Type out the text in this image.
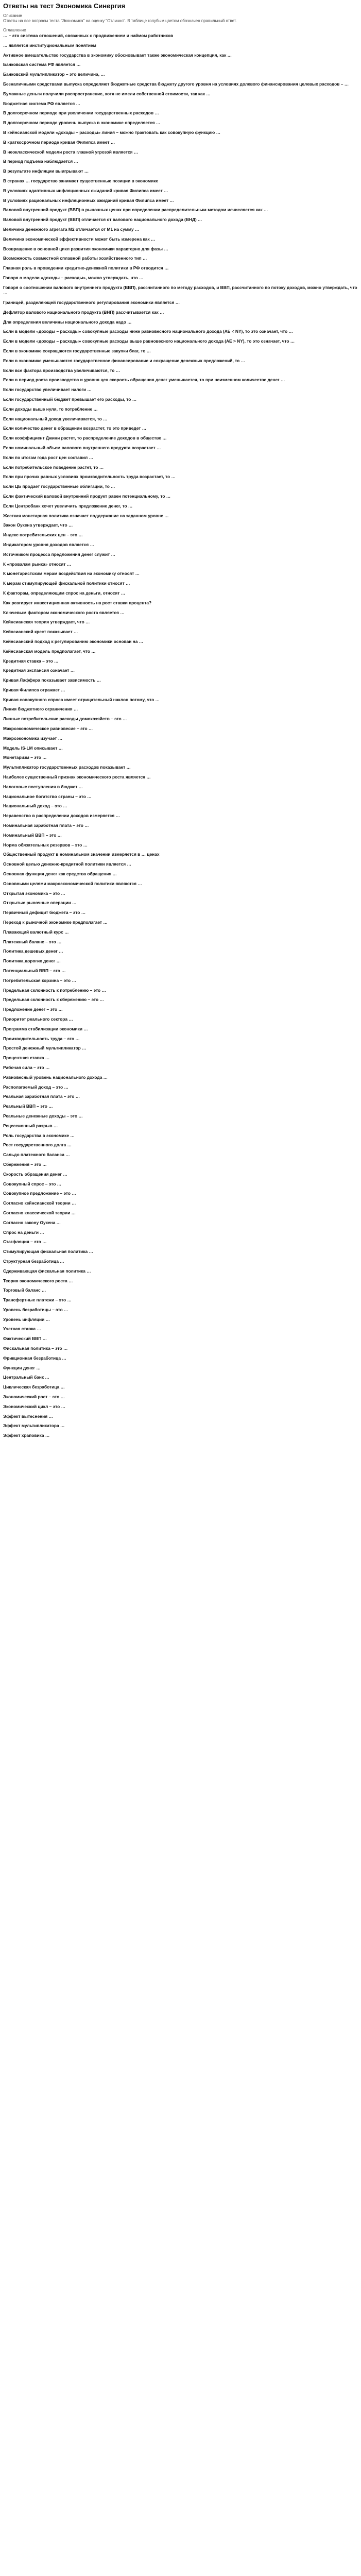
Ответы на тест Экономика Синергия
Описание
Ответы на все вопросы теста "Экономика" на оценку "Отлично". В таблице голубым цветом обозначен правильный ответ.
Оглавление
… – это система отношений, связанных с продвижением и наймом работников
… является институциональным понятием
Активное вмешательство государства в экономику обосновывает также экономическая концепция, как …
Банковская система РФ является …
Банковский мультипликатор – это величина, …
Безналичными средствами выпуска определяют бюджетные средства бюджету другого уровня на условиях долевого финансирования целевых расходов – …
Бумажные деньги получили распространение, хотя не имели собственной стоимости, так как …
Бюджетная система РФ является …
В долгосрочном периоде при увеличении государственных расходов …
В долгосрочном периоде уровень выпуска в экономике определяется …
В кейнсианской модели «доходы – расходы» линия – можно трактовать как совокупную функцию …
В краткосрочном периоде кривая Филипса имеет …
В неоклассической модели роста главной угрозой является …
В период подъема наблюдается …
В результате инфляции выигрывают …
В странах … государство занимает существенные позиции в экономике
В условиях адаптивных инфляционных ожиданий кривая Филипса имеет …
В условиях рациональных инфляционных ожиданий кривая Филипса имеет …
Валовой внутренний продукт (ВВП) в рыночных ценах при определении распределительным методом исчисляется как …
Валовой внутренний продукт (ВВП) отличается от валового национального дохода (ВНД) …
Величина денежного агрегата М2 отличается от М1 на сумму …
Величина экономической эффективности может быть измерена как …
Возвращение в основной цикл развития экономики характерно для фазы …
Возможность совместной сплавной работы хозяйственного тип …
Главная роль в проведении кредитно-денежной политики в РФ отводится …
Говоря о модели «доходы – расходы», можно утверждать, что …
Говоря о соотношении валового внутреннего продукта (ВВП), рассчитанного по методу расходов, и ВВП, рассчитанного по потоку доходов, можно утверждать, что …
Границей, разделяющей государственного регулирования экономики является …
Дефлятор валового национального продукта (ВНП) рассчитывается как …
Для определения величины национального дохода надо …
Если в модели «доходы – расходы» совокупные расходы ниже равновесного национального дохода (AE < NY), то это означает, что …
Если в модели «доходы – расходы» совокупные расходы выше равновесного национального дохода (AE > NY), то это означает, что …
Если в экономике сокращаются государственные закупки благ, то …
Если в экономике уменьшаются государственное финансирование и сокращение денежных предложений, то …
Если все фактора производства увеличиваются, то …
Если в период роста производства и уровня цен скорость обращения денег уменьшается, то при неизменном количестве денег …
Если государство увеличивает налоги …
Если государственный бюджет превышает его расходы, то …
Если доходы выше нуля, то потребление …
Если национальный доход увеличивается, то …
Если количество денег в обращении возрастет, то это приведет …
Если коэффициент Джини растет, то распределение доходов в обществе …
Если номинальный объем валового внутреннего продукта возрастает …
Если по итогам года рост цен составил …
Если потребительское поведение растет, то …
Если при прочих равных условиях производительность труда возрастает, то …
Если ЦБ продает государственные облигации, то …
Если фактический валовой внутренний продукт равен потенциальному, то …
Если Центробанк хочет увеличить предложение денег, то …
Жесткая монетарная политика означает поддержание на заданном уровне …
Закон Оукена утверждает, что …
Индекс потребительских цен – это …
Индикатором уровня доходов является …
Источником процесса предложения денег служит …
К «провалам рынка» относят …
К монетаристским мерам воздействия на экономику относят …
К мерам стимулирующей фискальной политики относят …
К факторам, определяющим спрос на деньги, относят …
Как реагирует инвестиционная активность на рост ставки процента?
Ключевым фактором экономического роста является …
Кейнсианская теория утверждает, что …
Кейнсианский крест показывает …
Кейнсианский подход к регулированию экономики основан на …
Кейнсианская модель предполагает, что …
Кредитная ставка – это …
Кредитная экспансия означает …
Кривая Лаффера показывает зависимость …
Кривая Филипса отражает …
Кривая совокупного спроса имеет отрицательный наклон потому, что …
Линия бюджетного ограничения …
Личные потребительские расходы домохозяйств – это …
Макроэкономическое равновесие – это …
Макроэкономика изучает …
Модель IS-LM описывает …
Монетаризм – это …
Мультипликатор государственных расходов показывает …
Наиболее существенный признак экономического роста является …
Налоговые поступления в бюджет …
Национальное богатство страны – это …
Национальный доход – это …
Неравенство в распределении доходов измеряется …
Номинальная заработная плата – это …
Номинальный ВВП – это …
Норма обязательных резервов – это …
Общественный продукт в номинальном значении измеряется в … ценах
Основной целью денежно-кредитной политики является …
Основная функция денег как средства обращения …
Основными целями макроэкономической политики являются …
Открытая экономика – это …
Открытые рыночные операции …
Первичный дефицит бюджета – это …
Переход к рыночной экономике предполагает …
Плавающий валютный курс …
Платежный баланс – это …
Политика дешевых денег …
Политика дорогих денег …
Потенциальный ВВП – это …
Потребительская корзина – это …
Предельная склонность к потреблению – это …
Предельная склонность к сбережению – это …
Предложение денег – это …
Приоритет реального сектора …
Программа стабилизации экономики …
Производительность труда – это …
Простой денежный мультипликатор …
Процентная ставка …
Рабочая сила – это …
Равновесный уровень национального дохода …
Располагаемый доход – это …
Реальная заработная плата – это …
Реальный ВВП – это …
Реальные денежные доходы – это …
Рецессионный разрыв …
Роль государства в экономике …
Рост государственного долга …
Сальдо платежного баланса …
Сбережения – это …
Скорость обращения денег …
Совокупный спрос – это …
Совокупное предложение – это …
Согласно кейнсианской теории …
Согласно классической теории …
Согласно закону Оукена …
Спрос на деньги …
Стагфляция – это …
Стимулирующая фискальная политика …
Структурная безработица …
Сдерживающая фискальная политика …
Теория экономического роста …
Торговый баланс …
Трансфертные платежи – это …
Уровень безработицы – это …
Уровень инфляции …
Учетная ставка …
Фактический ВВП …
Фискальная политика – это …
Фрикционная безработица …
Функции денег …
Центральный банк …
Циклическая безработица …
Экономический рост – это …
Экономический цикл – это …
Эффект вытеснения …
Эффект мультипликатора …
Эффект храповика …
